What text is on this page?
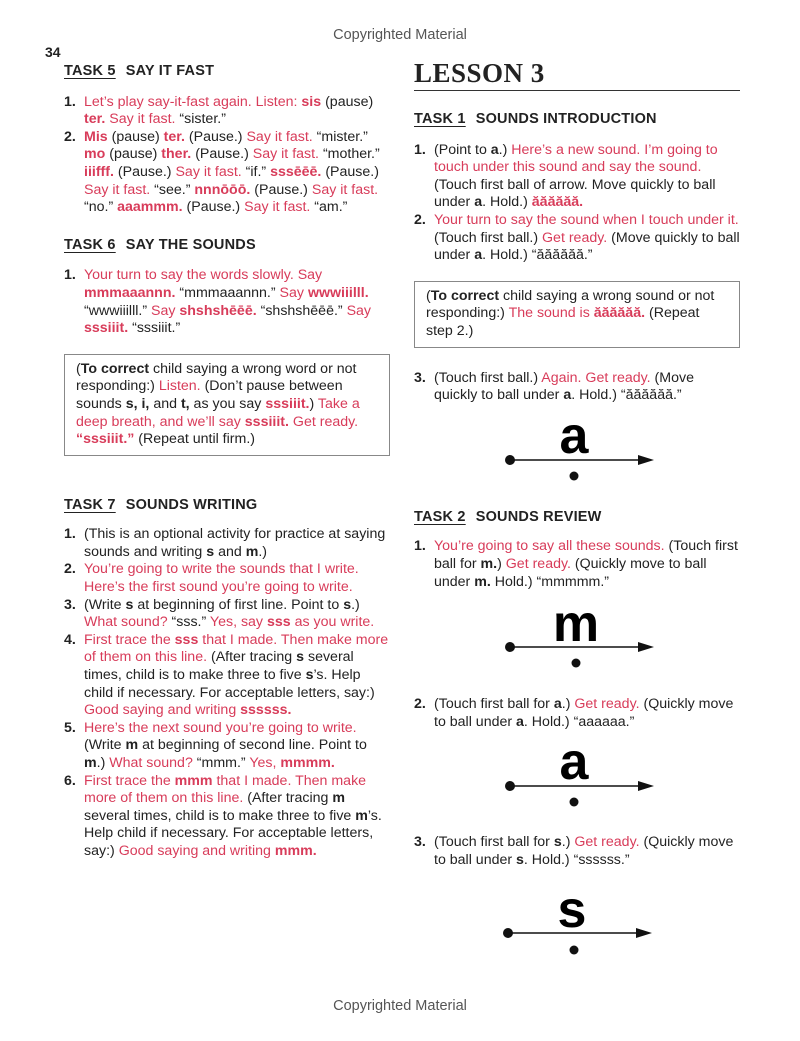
Copyrighted Material
34
TASK 5 SAY IT FAST
1. Let’s play say-it-fast again. Listen: sis (pause) ter. Say it fast. “sister.”
2. Mis (pause) ter. (Pause.) Say it fast. “mister.” mo (pause) ther. (Pause.) Say it fast. “mother.” iiifff. (Pause.) Say it fast. “if.” sssēēē. (Pause.) Say it fast. “see.” nnnōōō. (Pause.) Say it fast. “no.” aaammm. (Pause.) Say it fast. “am.”
TASK 6 SAY THE SOUNDS
1. Your turn to say the words slowly. Say mmmaaannn. “mmmaaannn.” Say wwwiiilll. “wwwiiilll.” Say shshshēēē. “shshshēēē.” Say sssiiit. “sssiiit.”
(To correct child saying a wrong word or not responding:) Listen. (Don’t pause between sounds s, i, and t, as you say sssiiit.) Take a deep breath, and we’ll say sssiiit. Get ready. “sssiiit.” (Repeat until firm.)
TASK 7 SOUNDS WRITING
1. (This is an optional activity for practice at saying sounds and writing s and m.)
2. You’re going to write the sounds that I write. Here’s the first sound you’re going to write.
3. (Write s at beginning of first line. Point to s.) What sound? “sss.” Yes, say sss as you write.
4. First trace the sss that I made. Then make more of them on this line. (After tracing s several times, child is to make three to five s’s. Help child if necessary. For acceptable letters, say:) Good saying and writing ssssss.
5. Here’s the next sound you’re going to write. (Write m at beginning of second line. Point to m.) What sound? “mmm.” Yes, mmmm.
6. First trace the mmm that I made. Then make more of them on this line. (After tracing m several times, child is to make three to five m’s. Help child if necessary. For acceptable letters, say:) Good saying and writing mmm.
LESSON 3
TASK 1 SOUNDS INTRODUCTION
1. (Point to a.) Here’s a new sound. I’m going to touch under this sound and say the sound. (Touch first ball of arrow. Move quickly to ball under a. Hold.) ăăăăăă.
2. Your turn to say the sound when I touch under it. (Touch first ball.) Get ready. (Move quickly to ball under a. Hold.) “ăăăăăă.”
(To correct child saying a wrong sound or not responding:) The sound is ăăăăăă. (Repeat step 2.)
3. (Touch first ball.) Again. Get ready. (Move quickly to ball under a. Hold.) “ăăăăăă.”
a
TASK 2 SOUNDS REVIEW
1. You’re going to say all these sounds. (Touch first ball for m.) Get ready. (Quickly move to ball under m. Hold.) “mmmmm.”
m
2. (Touch first ball for a.) Get ready. (Quickly move to ball under a. Hold.) “aaaaaa.”
a
3. (Touch first ball for s.) Get ready. (Quickly move to ball under s. Hold.) “ssssss.”
s
Copyrighted Material
